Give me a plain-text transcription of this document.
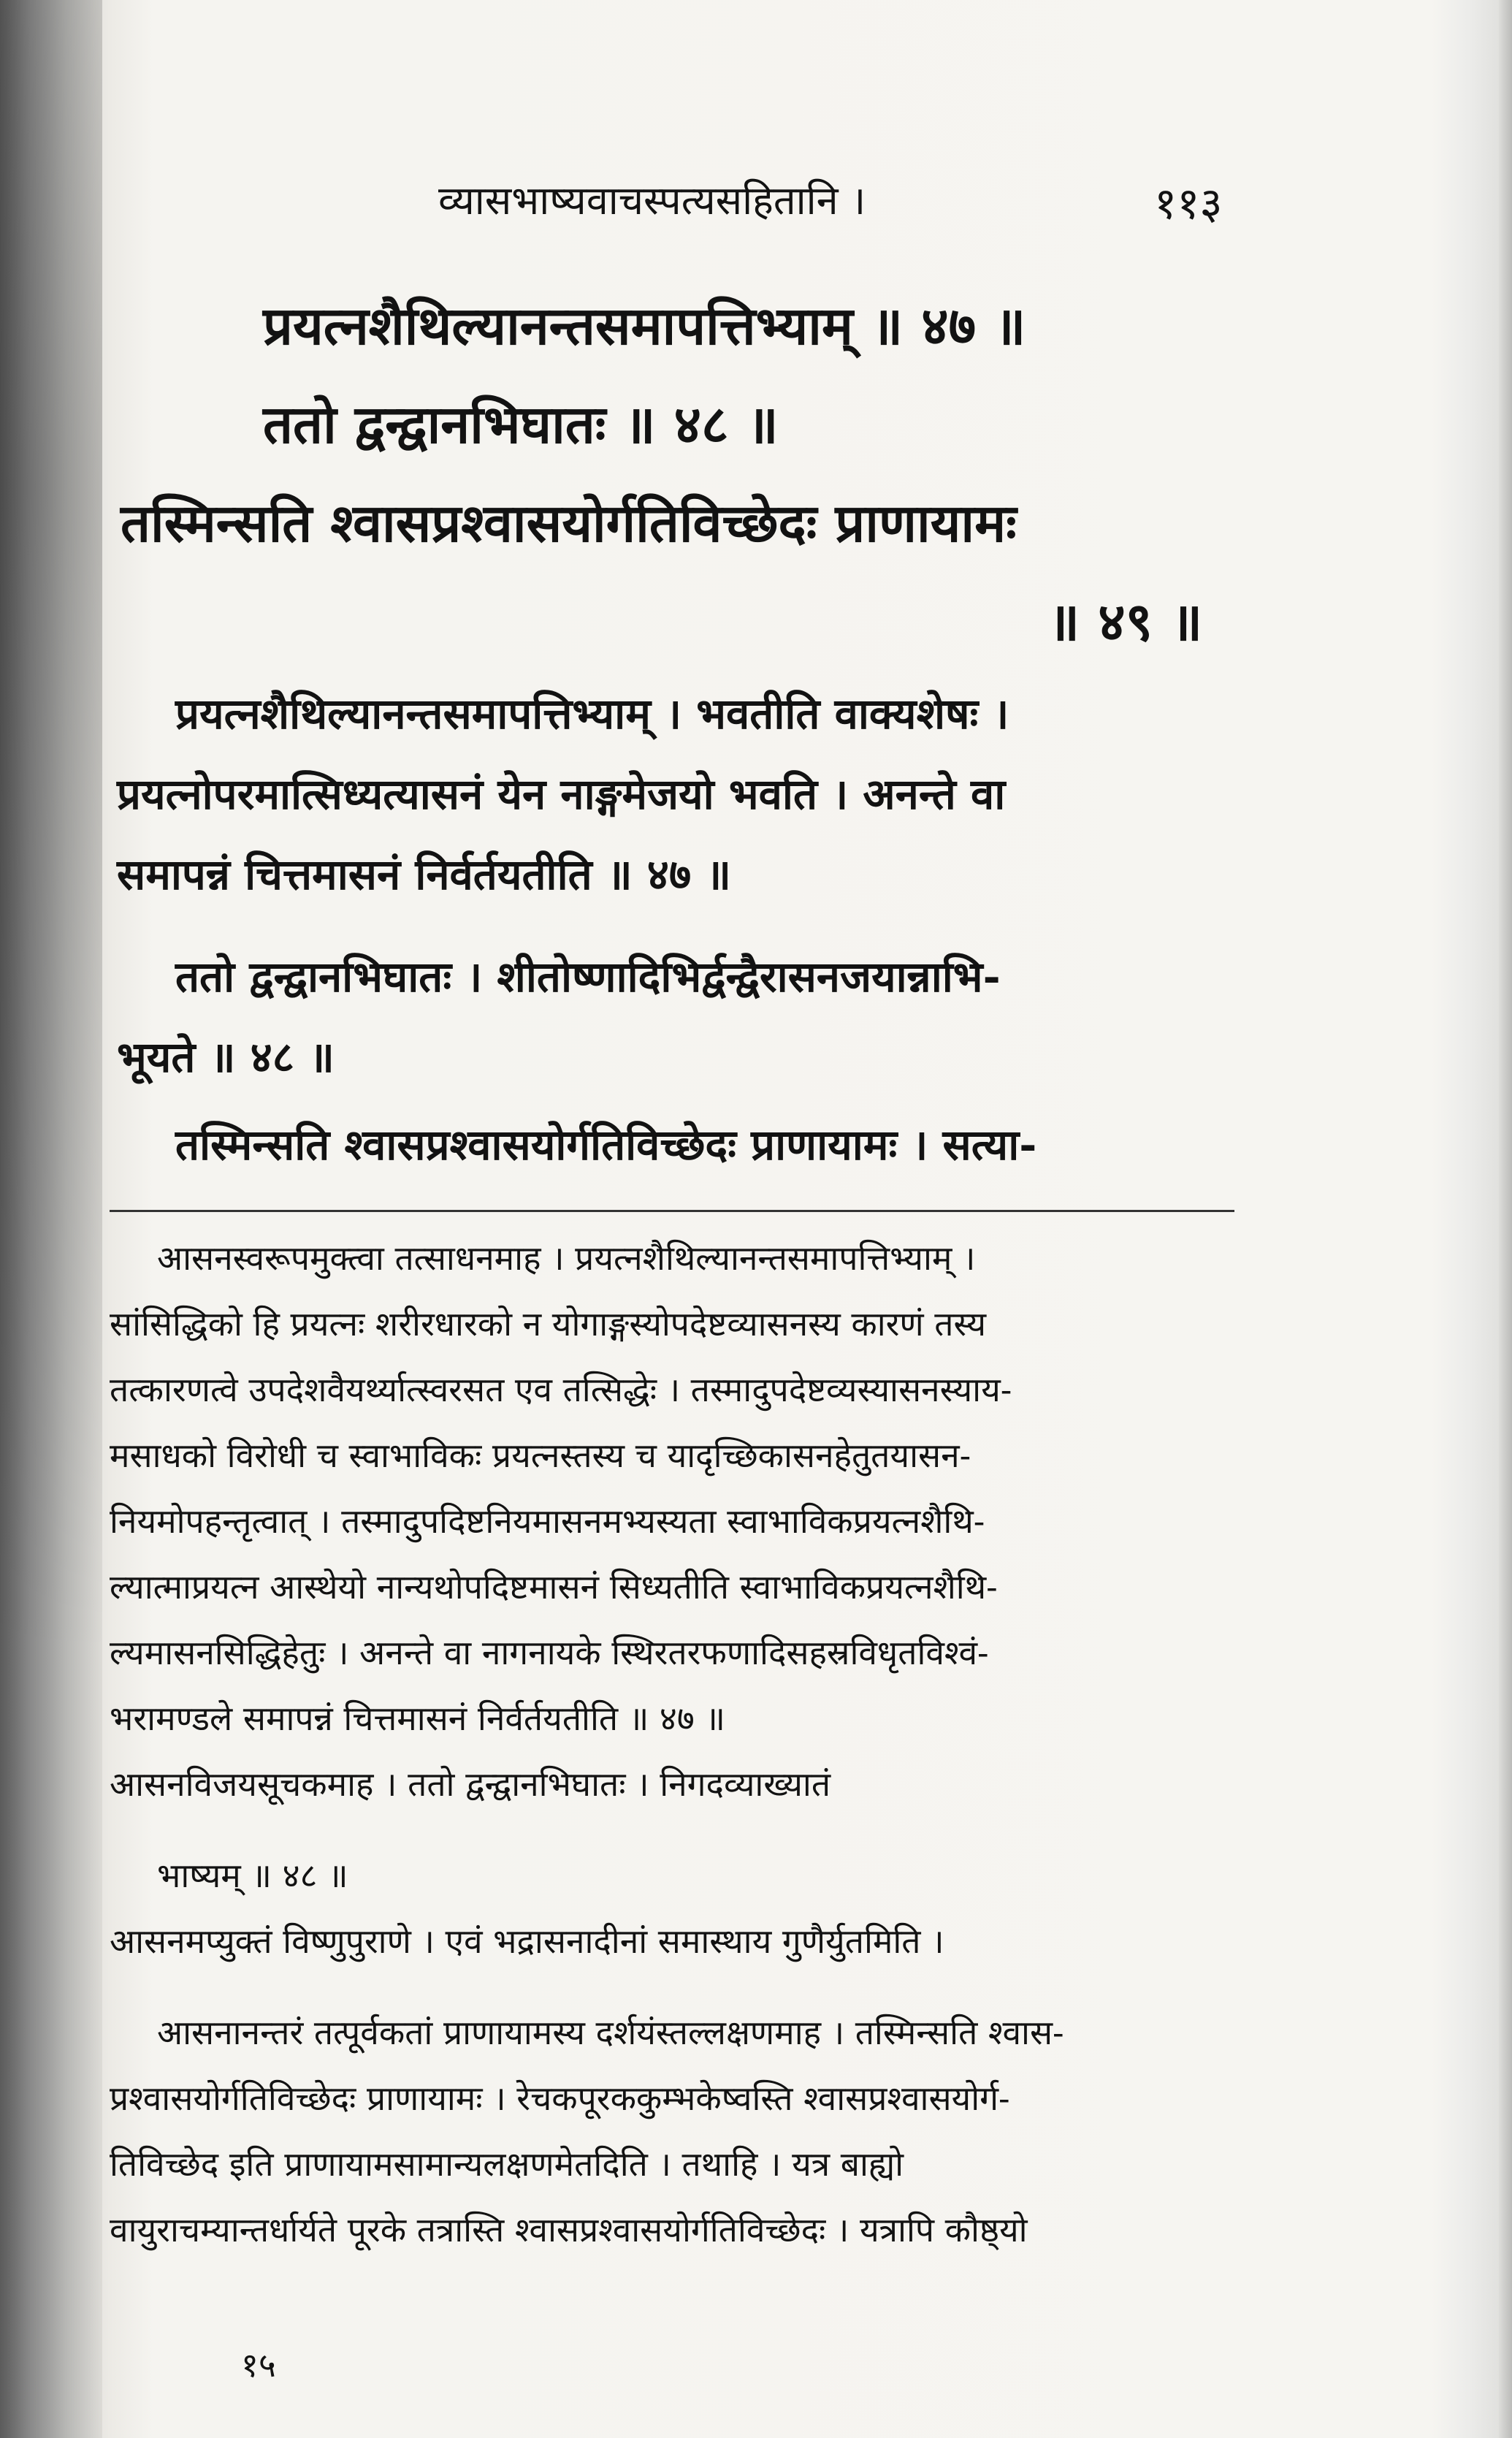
व्यासभाष्यवाचस्पत्यसहितानि ।	११३
प्रयत्नशैथिल्यानन्तसमापत्तिभ्याम् ॥ ४७ ॥
ततो द्वन्द्वानभिघातः ॥ ४८ ॥
तस्मिन्सति श्वासप्रश्वासयोर्गतिविच्छेदः प्राणायामः
॥ ४९ ॥
प्रयत्नशैथिल्यानन्तसमापत्तिभ्याम् । भवतीति वाक्यशेषः ।
प्रयत्नोपरमात्सिध्यत्यासनं येन नाङ्गमेजयो भवति । अनन्ते वा
समापन्नं चित्तमासनं निर्वर्तयतीति ॥ ४७ ॥
ततो द्वन्द्वानभिघातः । शीतोष्णादिभिर्द्वन्द्वैरासनजयान्नाभि-
भूयते ॥ ४८ ॥
तस्मिन्सति श्वासप्रश्वासयोर्गतिविच्छेदः प्राणायामः । सत्या-
आसनस्वरूपमुक्त्वा तत्साधनमाह । प्रयत्नशैथिल्यानन्तसमापत्तिभ्याम् ।
सांसिद्धिको हि प्रयत्नः शरीरधारको न योगाङ्गस्योपदेष्टव्यासनस्य कारणं तस्य
तत्कारणत्वे उपदेशवैयर्थ्यात्स्वरसत एव तत्सिद्धेः । तस्मादुपदेष्टव्यस्यासनस्याय-
मसाधको विरोधी च स्वाभाविकः प्रयत्नस्तस्य च यादृच्छिकासनहेतुतयासन-
नियमोपहन्तृत्वात् । तस्मादुपदिष्टनियमासनमभ्यस्यता स्वाभाविकप्रयत्नशैथि-
ल्यात्माप्रयत्न आस्थेयो नान्यथोपदिष्टमासनं सिध्यतीति स्वाभाविकप्रयत्नशैथि-
ल्यमासनसिद्धिहेतुः । अनन्ते वा नागनायके स्थिरतरफणादिसहस्रविधृतविश्वं-
भरामण्डले समापन्नं चित्तमासनं निर्वर्तयतीति ॥ ४७ ॥
आसनविजयसूचकमाह । ततो द्वन्द्वानभिघातः । निगदव्याख्यातं
भाष्यम् ॥ ४८ ॥
आसनमप्युक्तं विष्णुपुराणे । एवं भद्रासनादीनां समास्थाय गुणैर्युतमिति ।
आसनानन्तरं तत्पूर्वकतां प्राणायामस्य दर्शयंस्तल्लक्षणमाह । तस्मिन्सति श्वास-
प्रश्वासयोर्गतिविच्छेदः प्राणायामः । रेचकपूरककुम्भकेष्वस्ति श्वासप्रश्वासयोर्ग-
तिविच्छेद इति प्राणायामसामान्यलक्षणमेतदिति । तथाहि । यत्र बाह्यो
वायुराचम्यान्तर्धार्यते पूरके तत्रास्ति श्वासप्रश्वासयोर्गतिविच्छेदः । यत्रापि कौष्ठ्यो
१५
